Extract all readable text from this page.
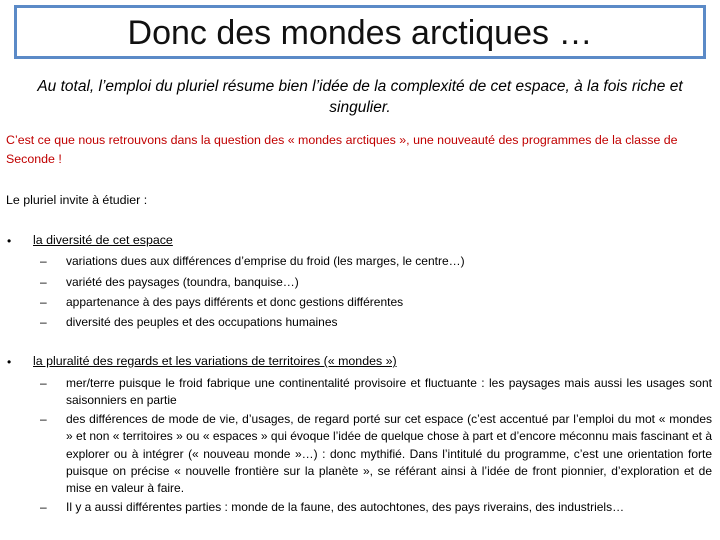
Donc des mondes arctiques …
Au total, l’emploi du pluriel résume bien l’idée de la complexité de cet espace, à la fois riche et singulier.
C’est ce que nous retrouvons dans la question des « mondes arctiques », une nouveauté des programmes de la classe de Seconde !
Le pluriel invite à étudier :
• la diversité de cet espace
– variations dues aux différences d’emprise du froid (les marges, le centre…)
– variété des paysages (toundra, banquise…)
– appartenance à des pays différents et donc gestions différentes
– diversité des peuples et des occupations humaines
• la pluralité des regards et les variations de territoires (« mondes »)
– mer/terre puisque le froid fabrique une continentalité provisoire et fluctuante : les paysages mais aussi les usages sont saisonniers en partie
– des différences de mode de vie, d’usages, de regard porté sur cet espace (c’est accentué par l’emploi du mot « mondes » et non « territoires » ou « espaces » qui évoque l’idée de quelque chose à part et d’encore méconnu mais fascinant et à explorer ou à intégrer (« nouveau monde »…) : donc mythifié. Dans l’intitulé du programme, c’est une orientation forte puisque on précise « nouvelle frontière sur la planète », se référant ainsi à l’idée de front pionnier, d’exploration et de mise en valeur à faire.
– Il y a aussi différentes parties : monde de la faune, des autochtones, des pays riverains, des industriels…
